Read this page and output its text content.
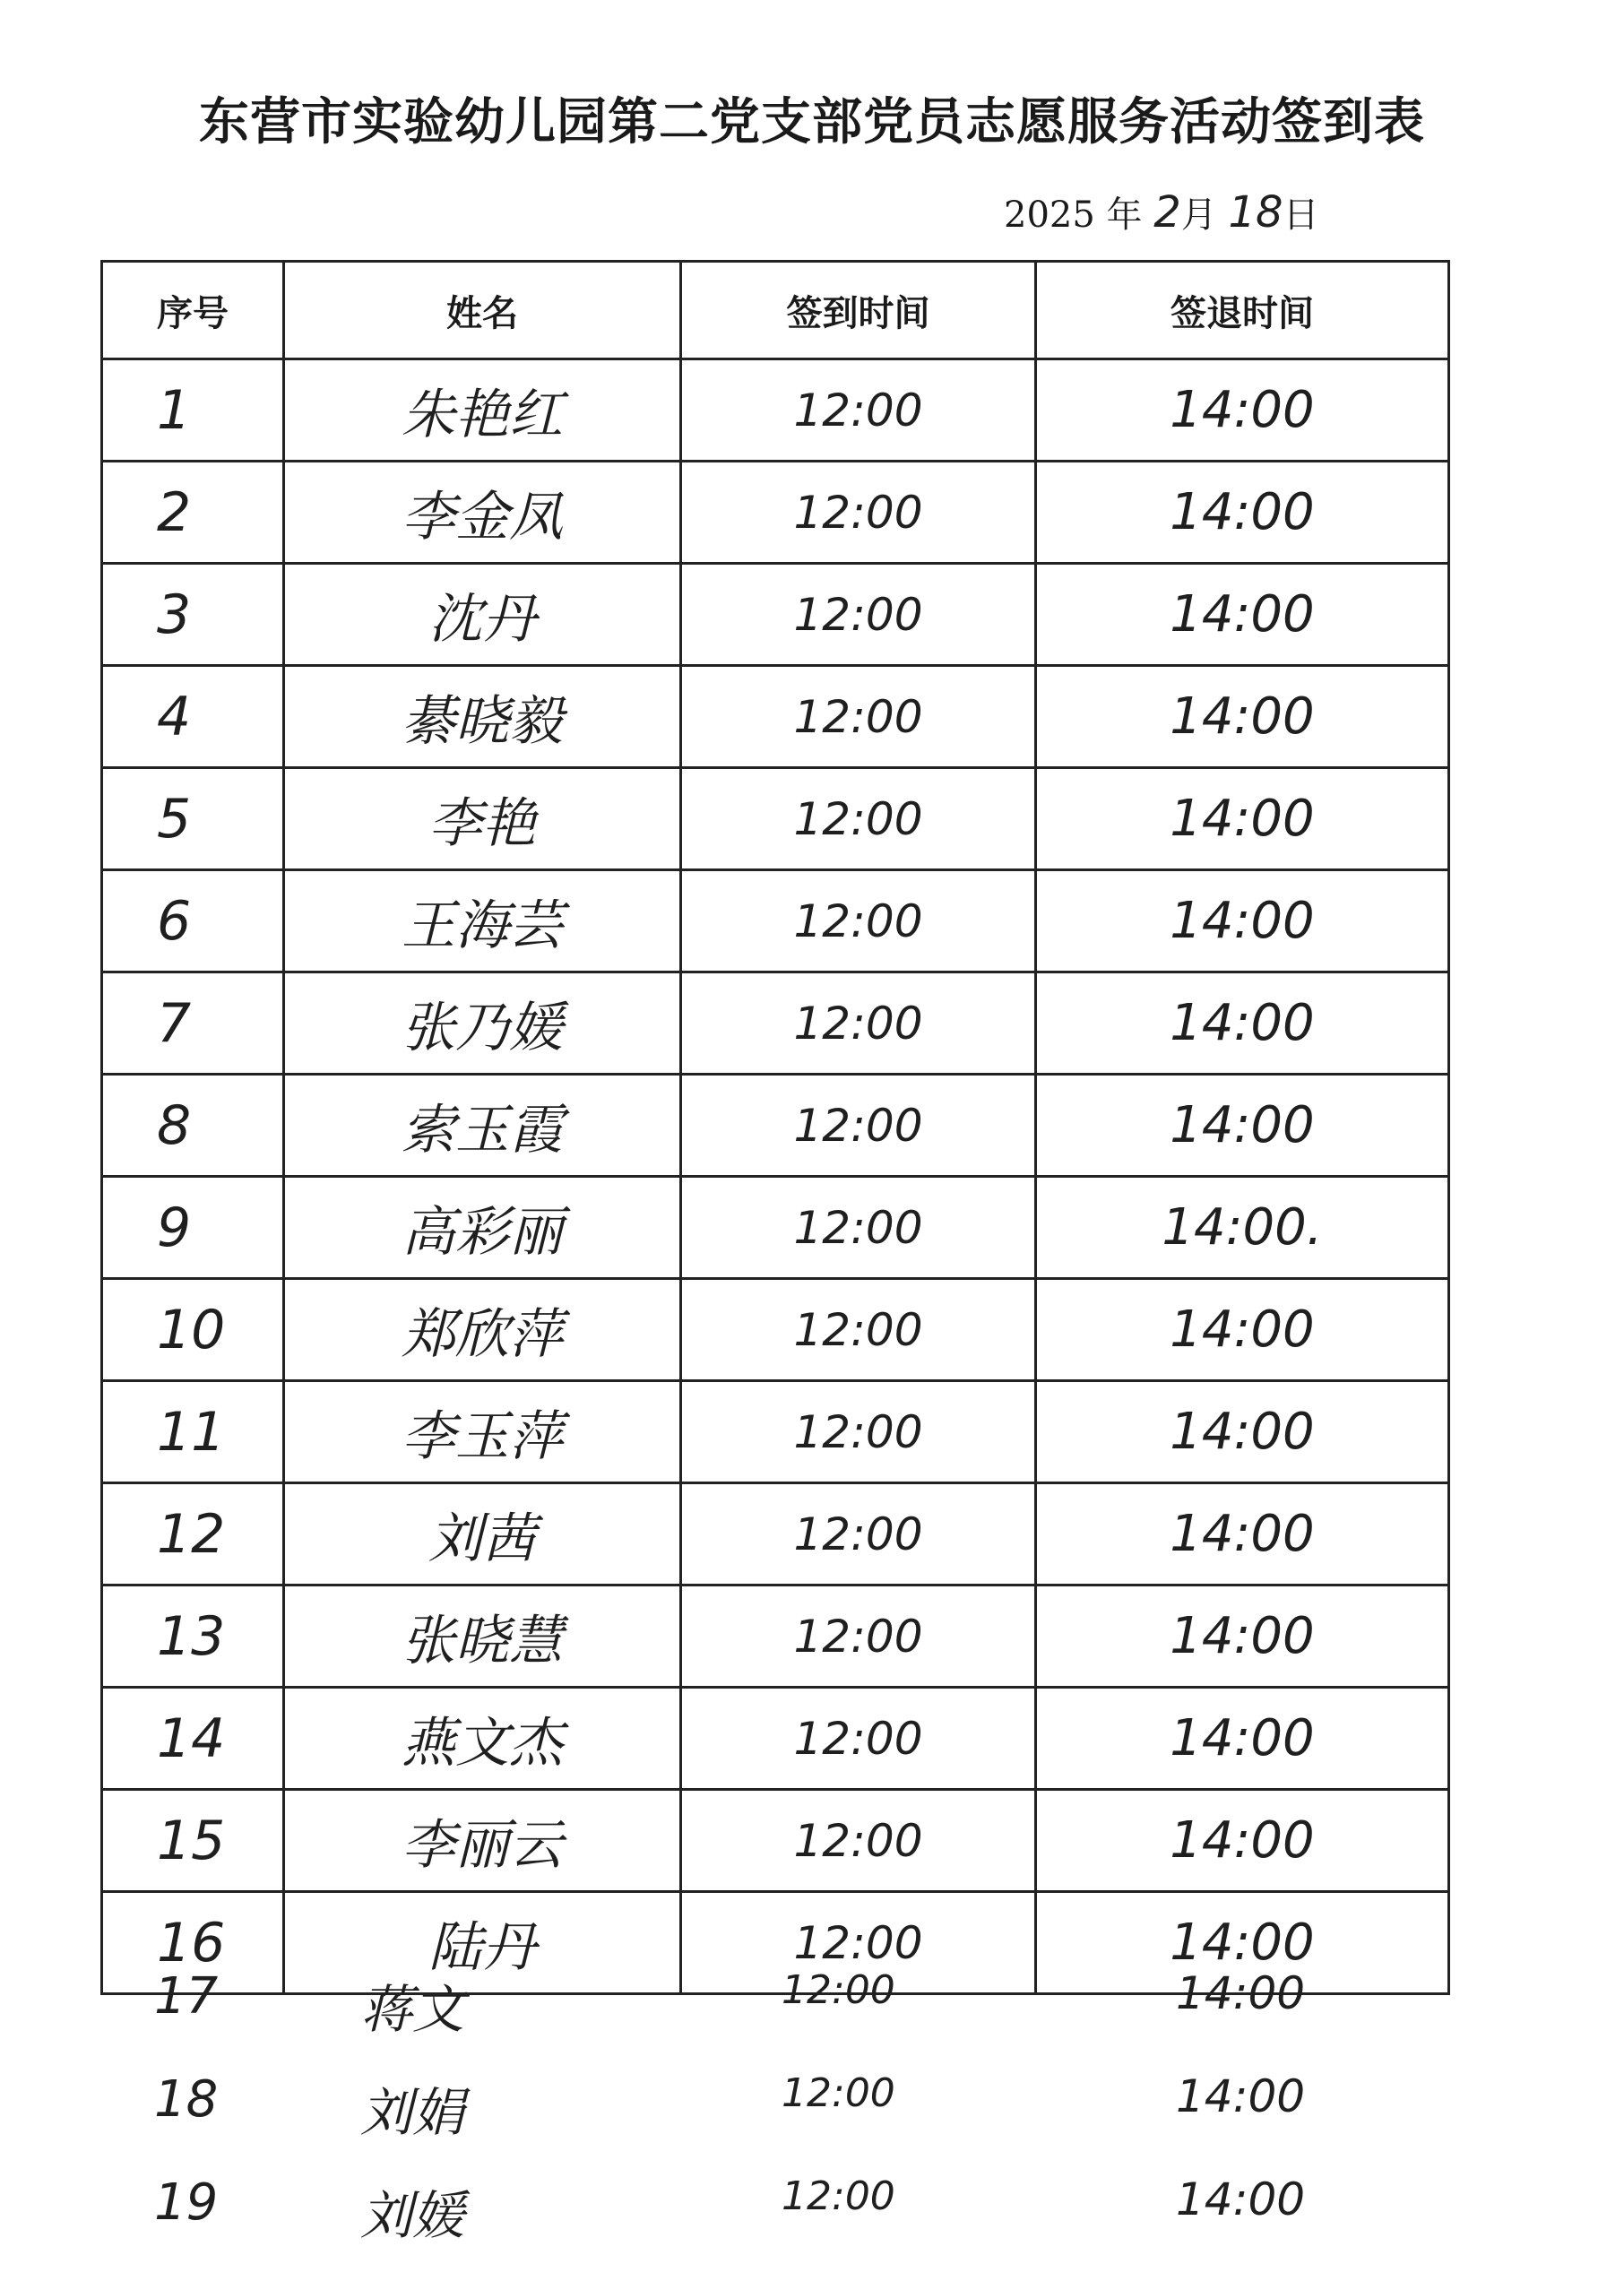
东营市实验幼儿园第二党支部党员志愿服务活动签到表
2025 年 2月 18日
序号	姓名	签到时间	签退时间
1	朱艳红	12:00	14:00
2	李金凤	12:00	14:00
3	沈丹	12:00	14:00
4	綦晓毅	12:00	14:00
5	李艳	12:00	14:00
6	王海芸	12:00	14:00
7	张乃媛	12:00	14:00
8	索玉霞	12:00	14:00
9	高彩丽	12:00	14:00.
10	郑欣萍	12:00	14:00
11	李玉萍	12:00	14:00
12	刘茜	12:00	14:00
13	张晓慧	12:00	14:00
14	燕文杰	12:00	14:00
15	李丽云	12:00	14:00
16	陆丹	12:00	14:00
17	蒋文	12:00	14:00
18	刘娟	12:00	14:00
19	刘媛	12:00	14:00
